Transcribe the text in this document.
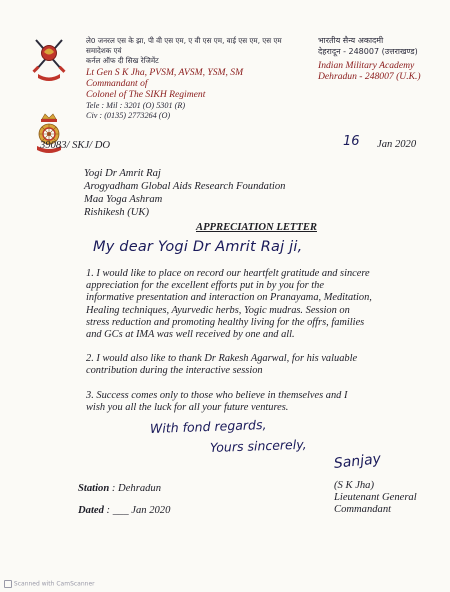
ले0 जनरल एस के झा, पी वी एस एम, ए वी एस एम, वाई एस एम, एस एम
समादेशक एवं
कर्नल ऑफ दी सिख रेजिमेंट
Lt Gen S K Jha, PVSM, AVSM, YSM, SM
Commandant of
Colonel of The SIKH Regiment
Tele : Mil : 3201 (O) 5301 (R)
Civ : (0135) 2773264 (O)
भारतीय सैन्य अकादमी
देहरादून - 248007 (उत्तराखण्ड)
Indian Military Academy
Dehradun - 248007 (U.K.)
39083/ SKJ/ DO	16 Jan 2020
Yogi Dr Amrit Raj
Arogyadham Global Aids Research Foundation
Maa Yoga Ashram
Rishikesh (UK)
APPRECIATION LETTER
My dear Yogi Dr Amrit Raj ji,
1. I would like to place on record our heartfelt gratitude and sincere
appreciation for the excellent efforts put in by you for the
informative presentation and interaction on Pranayama, Meditation,
Healing techniques, Ayurvedic herbs, Yogic mudras. Session on
stress reduction and promoting healthy living for the offrs, families
and GCs at IMA was well received by one and all.
2. I would also like to thank Dr Rakesh Agarwal, for his valuable
contribution during the interactive session
3. Success comes only to those who believe in themselves and I
wish you all the luck for all your future ventures.
With fond regards,
Yours sincerely,
Sanjay
(S K Jha)
Lieutenant General
Commandant
Station : Dehradun
Dated : ___ Jan 2020
Scanned with CamScanner
